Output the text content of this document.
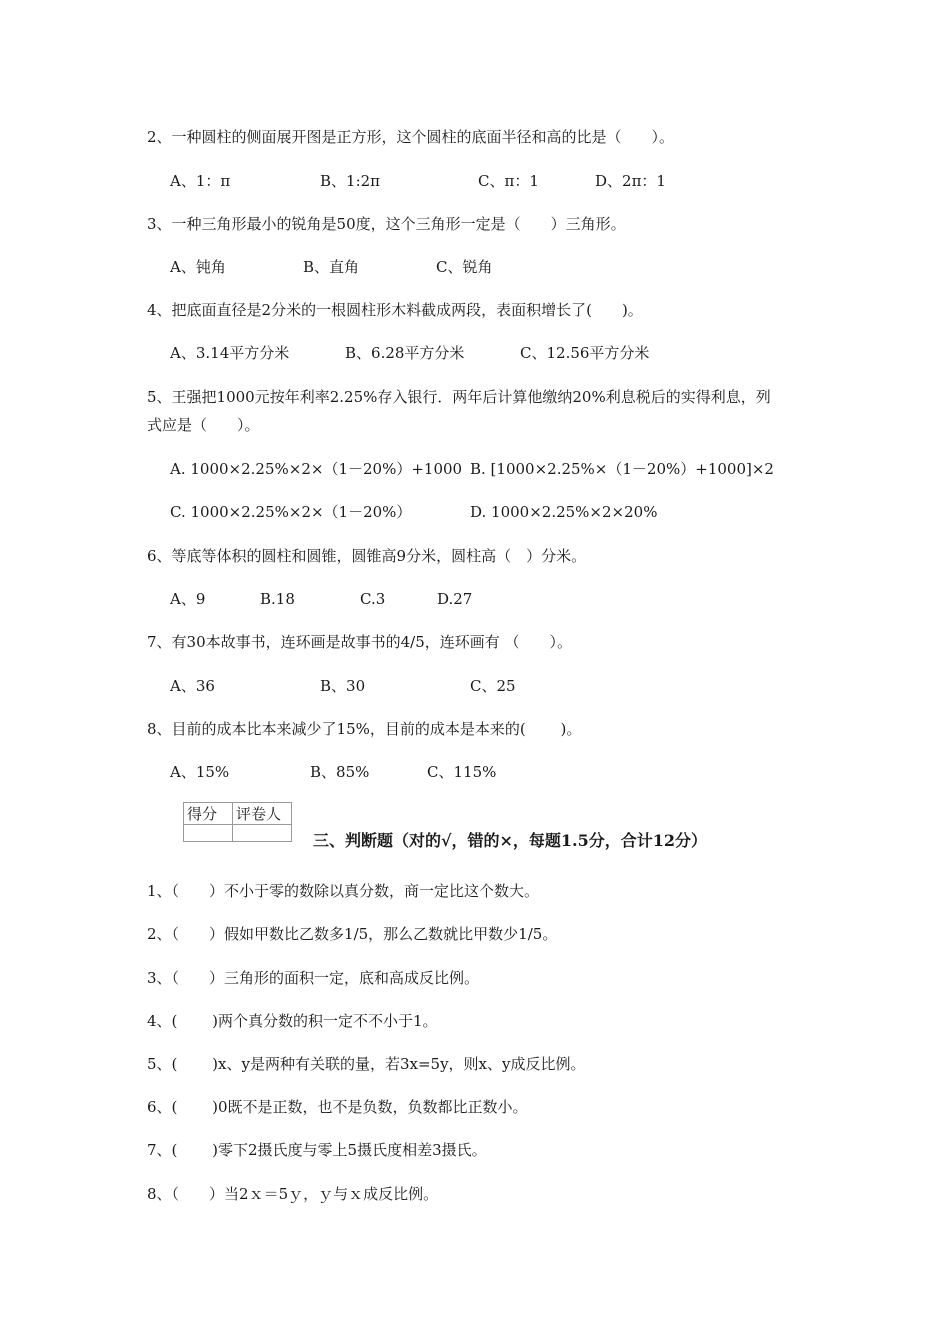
2、一种圆柱的侧面展开图是正方形，这个圆柱的底面半径和高的比是（　　）。
A、1：π	B、1:2π	C、π：1	D、2π：1
3、一种三角形最小的锐角是50度，这个三角形一定是（　　）三角形。
A、钝角	B、直角	C、锐角
4、把底面直径是2分米的一根圆柱形木料截成两段，表面积增长了(　　)。
A、3.14平方分米	B、6.28平方分米	C、12.56平方分米
5、王强把1000元按年利率2.25%存入银行．两年后计算他缴纳20%利息税后的实得利息，列
式应是（　　）。
A. 1000×2.25%×2×（1－20%）+1000 B. [1000×2.25%×（1－20%）+1000]×2
C. 1000×2.25%×2×（1－20%）	D. 1000×2.25%×2×20%
6、等底等体积的圆柱和圆锥，圆锥高9分米，圆柱高（　）分米。
A、9	B.18	C.3	D.27
7、有30本故事书，连环画是故事书的4/5，连环画有 （　　）。
A、36	B、30	C、25
8、目前的成本比本来减少了15%，目前的成本是本来的(　　 )。
A、15%	B、85%	C、115%
得分	评卷人

三、判断题（对的√，错的×，每题1.5分，合计12分）
1、（　　）不小于零的数除以真分数，商一定比这个数大。
2、（　　）假如甲数比乙数多1/5，那么乙数就比甲数少1/5。
3、（　　）三角形的面积一定，底和高成反比例。
4、(　　 )两个真分数的积一定不不小于1。
5、(　　 )x、y是两种有关联的量，若3x=5y，则x、y成反比例。
6、(　　 )0既不是正数，也不是负数，负数都比正数小。
7、(　　 )零下2摄氏度与零上5摄氏度相差3摄氏。
8、（　　）当2ｘ＝5ｙ，ｙ与ｘ成反比例。
